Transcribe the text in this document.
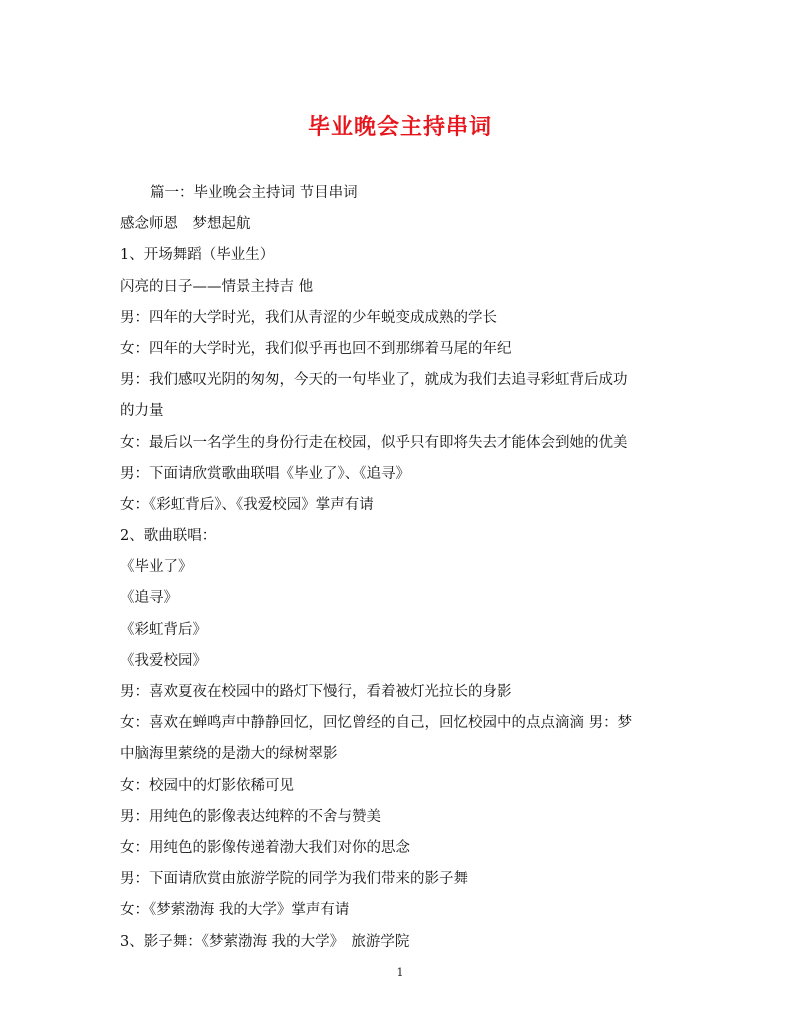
毕业晚会主持串词
篇一：毕业晚会主持词 节目串词
感念师恩　梦想起航
1、开场舞蹈（毕业生）
闪亮的日子——情景主持吉 他
男：四年的大学时光，我们从青涩的少年蜕变成成熟的学长
女：四年的大学时光，我们似乎再也回不到那绑着马尾的年纪
男：我们感叹光阴的匆匆，今天的一句毕业了，就成为我们去追寻彩虹背后成功
的力量
女：最后以一名学生的身份行走在校园，似乎只有即将失去才能体会到她的优美
男：下面请欣赏歌曲联唱《毕业了》、《追寻》
女：《彩虹背后》、《我爱校园》掌声有请
2、歌曲联唱：
《毕业了》
《追寻》
《彩虹背后》
《我爱校园》
男：喜欢夏夜在校园中的路灯下慢行，看着被灯光拉长的身影
女：喜欢在蝉鸣声中静静回忆，回忆曾经的自己，回忆校园中的点点滴滴 男：梦
中脑海里萦绕的是渤大的绿树翠影
女：校园中的灯影依稀可见
男：用纯色的影像表达纯粹的不舍与赞美
女：用纯色的影像传递着渤大我们对你的思念
男：下面请欣赏由旅游学院的同学为我们带来的影子舞
女：《梦萦渤海 我的大学》掌声有请
3、影子舞：《梦萦渤海 我的大学》　旅游学院
1
